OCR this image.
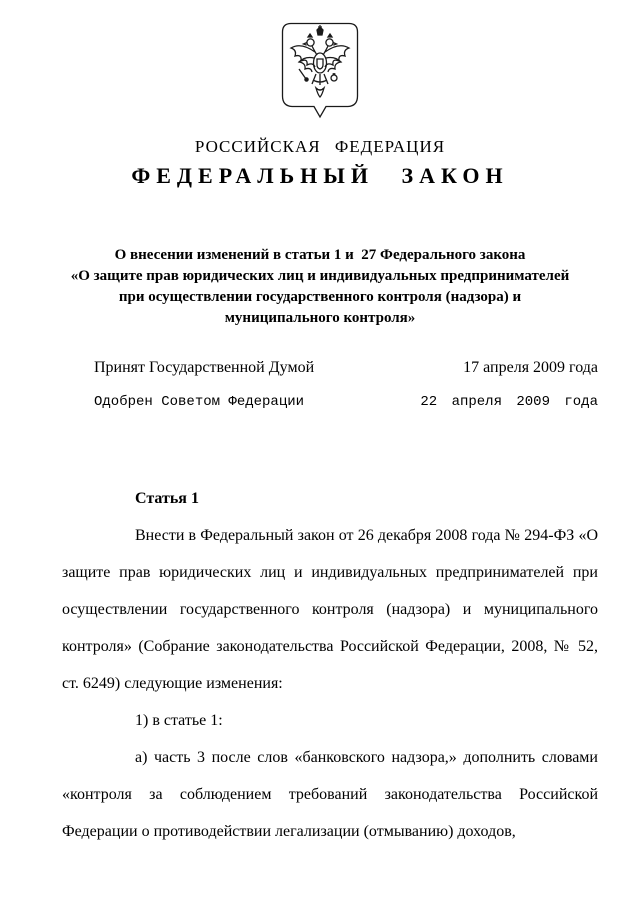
РОССИЙСКАЯ ФЕДЕРАЦИЯ
ФЕДЕРАЛЬНЫЙ ЗАКОН
О внесении изменений в статьи 1 и  27 Федерального закона
«О защите прав юридических лиц и индивидуальных предпринимателей
при осуществлении государственного контроля (надзора) и
муниципального контроля»
Принят Государственной Думой	17 апреля 2009 года
Одобрен Советом Федерации	22 апреля 2009 года
Статья 1

Внести в Федеральный закон от 26 декабря 2008 года № 294-ФЗ «О защите прав юридических лиц и индивидуальных предпринимателей при осуществлении государственного контроля (надзора) и муниципального контроля» (Собрание законодательства Российской Федерации, 2008, № 52, ст. 6249) следующие изменения:

1) в статье 1:

а) часть 3 после слов «банковского надзора,» дополнить словами «контроля за соблюдением требований законодательства Российской Федерации о противодействии легализации (отмыванию) доходов,
